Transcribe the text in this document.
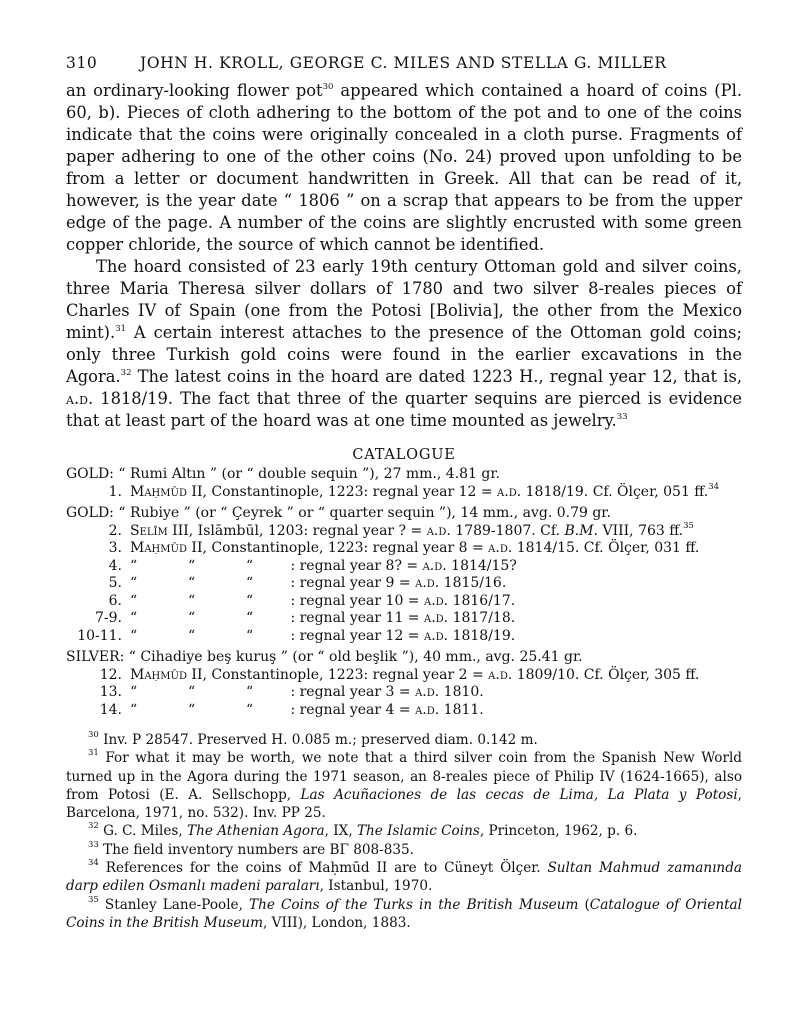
310	JOHN H. KROLL, GEORGE C. MILES AND STELLA G. MILLER

an ordinary-looking flower pot$^{30}$ appeared which contained a hoard of coins (Pl. 60, b). Pieces of cloth adhering to the bottom of the pot and to one of the coins indicate that the coins were originally concealed in a cloth purse. Fragments of paper adhering to one of the other coins (No. 24) proved upon unfolding to be from a letter or document handwritten in Greek. All that can be read of it, however, is the year date “ 1806 ” on a scrap that appears to be from the upper edge of the page. A number of the coins are slightly encrusted with some green copper chloride, the source of which cannot be identified.

The hoard consisted of 23 early 19th century Ottoman gold and silver coins, three Maria Theresa silver dollars of 1780 and two silver 8-reales pieces of Charles IV of Spain (one from the Potosi [Bolivia], the other from the Mexico mint).$^{31}$ A certain interest attaches to the presence of the Ottoman gold coins; only three Turkish gold coins were found in the earlier excavations in the Agora.$^{32}$ The latest coins in the hoard are dated 1223 H., regnal year 12, that is, a.d. 1818/19. The fact that three of the quarter sequins are pierced is evidence that at least part of the hoard was at one time mounted as jewelry.$^{33}$

CATALOGUE
GOLD: “ Rumi Altın ” (or “ double sequin ”), 27 mm., 4.81 gr.
1. Maḥmūd II, Constantinople, 1223: regnal year 12 = a.d. 1818/19. Cf. Ölçer, 051 ff.$^{34}$
GOLD: “ Rubiye ” (or “ Çeyrek ” or “ quarter sequin ”), 14 mm., avg. 0.79 gr.
2. Selīm III, Islāmbūl, 1203: regnal year ? = a.d. 1789-1807. Cf. B.M. VIII, 763 ff.$^{35}$
3. Maḥmūd II, Constantinople, 1223: regnal year 8 = a.d. 1814/15. Cf. Ölçer, 031 ff.
4. “	“	“ : regnal year 8? = a.d. 1814/15?
5. “	“	“ : regnal year 9 = a.d. 1815/16.
6. “	“	“ : regnal year 10 = a.d. 1816/17.
7-9. “	“	“ : regnal year 11 = a.d. 1817/18.
10-11. “	“	“ : regnal year 12 = a.d. 1818/19.
SILVER: “ Cihadiye beş kuruş ” (or “ old beşlik ”), 40 mm., avg. 25.41 gr.
12. Maḥmūd II, Constantinople, 1223: regnal year 2 = a.d. 1809/10. Cf. Ölçer, 305 ff.
13. “	“	“ : regnal year 3 = a.d. 1810.
14. “	“	“ : regnal year 4 = a.d. 1811.

$^{30}$ Inv. P 28547. Preserved H. 0.085 m.; preserved diam. 0.142 m.

$^{31}$ For what it may be worth, we note that a third silver coin from the Spanish New World turned up in the Agora during the 1971 season, an 8-reales piece of Philip IV (1624-1665), also from Potosi (E. A. Sellschopp, Las Acuñaciones de las cecas de Lima, La Plata y Potosi, Barcelona, 1971, no. 532). Inv. PP 25.

$^{32}$ G. C. Miles, The Athenian Agora, IX, The Islamic Coins, Princeton, 1962, p. 6.

$^{33}$ The field inventory numbers are ΒΓ 808-835.

$^{34}$ References for the coins of Maḥmūd II are to Cüneyt Ölçer. Sultan Mahmud zamanında darp edilen Osmanlı madeni paraları, Istanbul, 1970.

$^{35}$ Stanley Lane-Poole, The Coins of the Turks in the British Museum (Catalogue of Oriental Coins in the British Museum, VIII), London, 1883.
